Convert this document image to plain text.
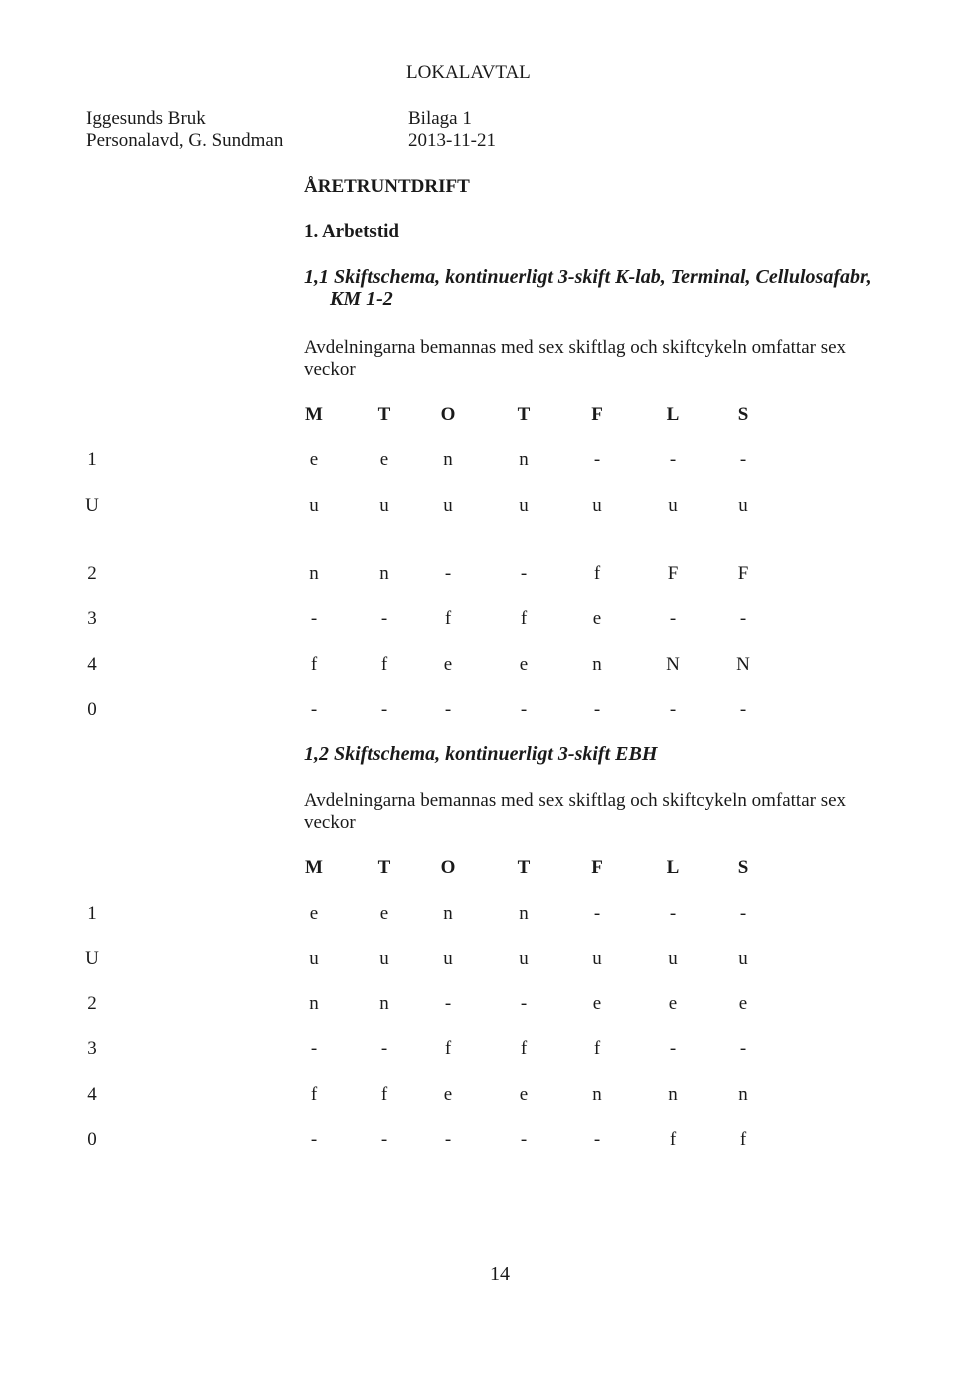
LOKALAVTAL
Iggesunds Bruk
Personalavd, G. Sundman
Bilaga 1
2013-11-21
ÅRETRUNTDRIFT
1. Arbetstid
1,1 Skiftschema, kontinuerligt 3-skift K-lab, Terminal, Cellulosafabr,
KM 1-2
Avdelningarna bemannas med sex skiftlag och skiftcykeln omfattar sex veckor
M	T	O	T	F	L	S
1	e	e	n	n	-	-	-
U	u	u	u	u	u	u	u
2	n	n	-	-	f	F	F
3	-	-	f	f	e	-	-
4	f	f	e	e	n	N	N
0	-	-	-	-	-	-	-
1,2 Skiftschema, kontinuerligt 3-skift EBH
Avdelningarna bemannas med sex skiftlag och skiftcykeln omfattar sex veckor
M	T	O	T	F	L	S
1	e	e	n	n	-	-	-
U	u	u	u	u	u	u	u
2	n	n	-	-	e	e	e
3	-	-	f	f	f	-	-
4	f	f	e	e	n	n	n
0	-	-	-	-	-	f	f
14
